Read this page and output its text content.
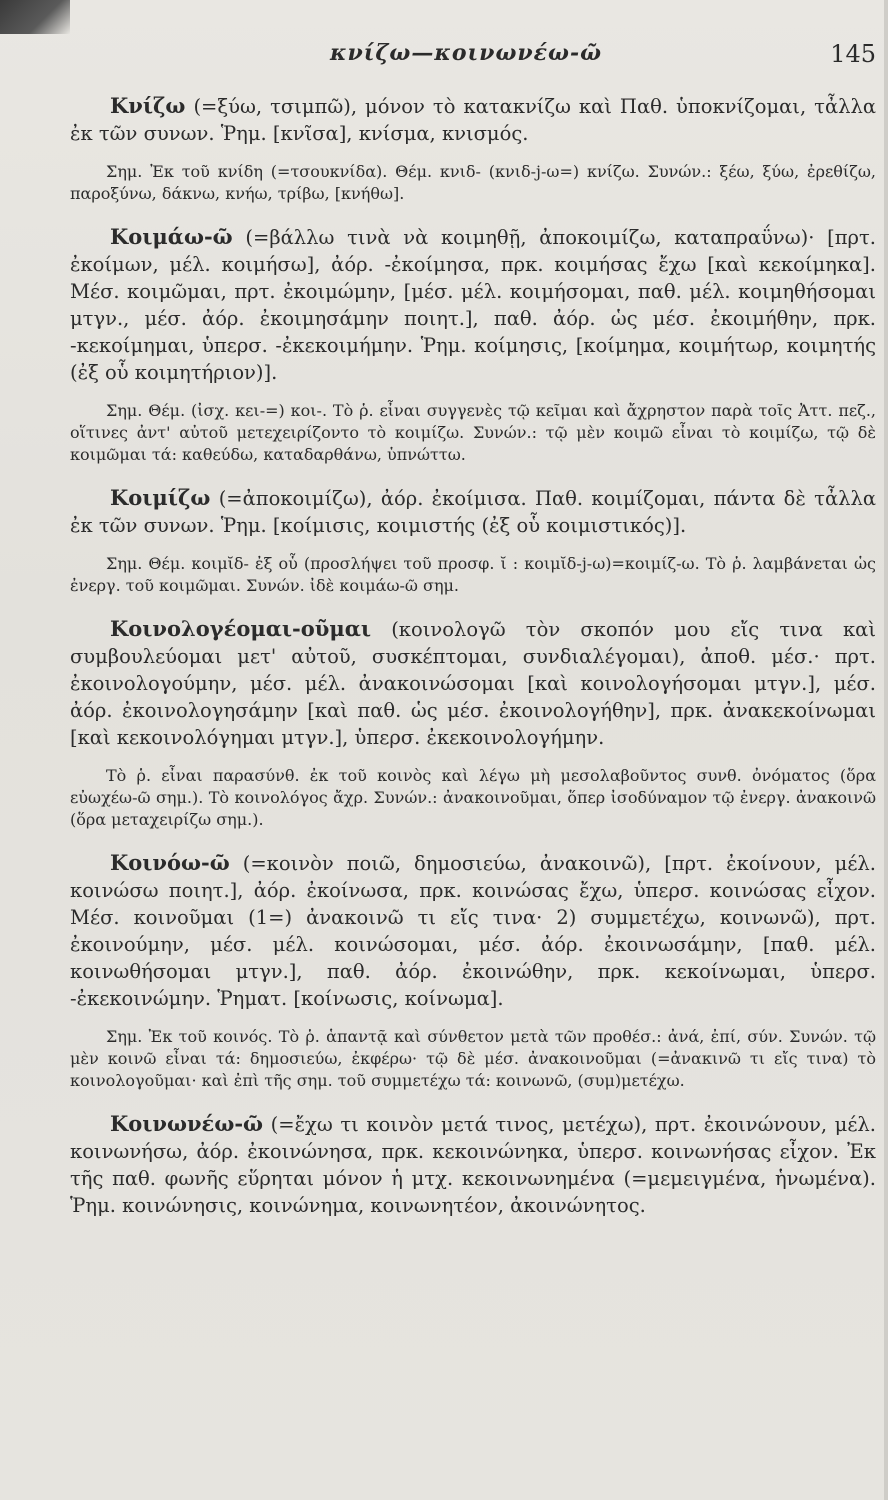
κνίζω—κοινωνέω-ῶ	145

Κνίζω (=ξύω, τσιμπῶ), μόνον τὸ κατακνίζω καὶ Παθ. ὑποκνίζομαι, τἆλλα ἐκ τῶν συνων. Ῥημ. [κνῖσα], κνίσμα, κνισμός.

Σημ. Ἐκ τοῦ κνίδη (=τσουκνίδα). Θέμ. κνιδ- (κνιδ-j-ω=) κνίζω. Συνών.: ξέω, ξύω, ἐρεθίζω, παροξύνω, δάκνω, κνήω, τρίβω, [κνήθω].

Κοιμάω-ῶ (=βάλλω τινὰ νὰ κοιμηθῇ, ἀποκοιμίζω, καταπραΰνω)· [πρτ. ἐκοίμων, μέλ. κοιμήσω], ἀόρ. -ἐκοίμησα, πρκ. κοιμήσας ἔχω [καὶ κεκοίμηκα]. Μέσ. κοιμῶμαι, πρτ. ἐκοιμώμην, [μέσ. μέλ. κοιμήσομαι, παθ. μέλ. κοιμηθήσομαι μτγν., μέσ. ἀόρ. ἐκοιμησάμην ποιητ.], παθ. ἀόρ. ὡς μέσ. ἐκοιμήθην, πρκ. -κεκοίμημαι, ὑπερσ. -ἐκεκοιμήμην. Ῥημ. κοίμησις, [κοίμημα, κοιμήτωρ, κοιμητής (ἐξ οὗ κοιμητήριον)].

Σημ. Θέμ. (ἰσχ. κει-=) κοι-. Τὸ ῥ. εἶναι συγγενὲς τῷ κεῖμαι καὶ ἄχρηστον παρὰ τοῖς Ἀττ. πεζ., οἵτινες ἀντ' αὐτοῦ μετεχειρίζοντο τὸ κοιμίζω. Συνών.: τῷ μὲν κοιμῶ εἶναι τὸ κοιμίζω, τῷ δὲ κοιμῶμαι τά: καθεύδω, καταδαρθάνω, ὑπνώττω.

Κοιμίζω (=ἀποκοιμίζω), ἀόρ. ἐκοίμισα. Παθ. κοιμίζομαι, πάντα δὲ τἆλλα ἐκ τῶν συνων. Ῥημ. [κοίμισις, κοιμιστής (ἐξ οὗ κοιμιστικός)].

Σημ. Θέμ. κοιμῐδ- ἐξ οὗ (προσλήψει τοῦ προσφ. ῐ : κοιμῐδ-j-ω)=κοιμίζ-ω. Τὸ ῥ. λαμβάνεται ὡς ἐνεργ. τοῦ κοιμῶμαι. Συνών. ἰδὲ κοιμάω-ῶ σημ.

Κοινολογέομαι-οῦμαι (κοινολογῶ τὸν σκοπόν μου εἴς τινα καὶ συμβουλεύομαι μετ' αὐτοῦ, συσκέπτομαι, συνδιαλέγομαι), ἀποθ. μέσ.· πρτ. ἐκοινολογούμην, μέσ. μέλ. ἀνακοινώσομαι [καὶ κοινολογήσομαι μτγν.], μέσ. ἀόρ. ἐκοινολογησάμην [καὶ παθ. ὡς μέσ. ἐκοινολογήθην], πρκ. ἀνακεκοίνωμαι [καὶ κεκοινολόγημαι μτγν.], ὑπερσ. ἐκεκοινολογήμην.

Τὸ ῥ. εἶναι παρασύνθ. ἐκ τοῦ κοινὸς καὶ λέγω μὴ μεσολαβοῦντος συνθ. ὀνόματος (ὅρα εὐωχέω-ῶ σημ.). Τὸ κοινολόγος ἄχρ. Συνών.: ἀνακοινοῦμαι, ὅπερ ἰσοδύναμον τῷ ἐνεργ. ἀνακοινῶ (ὅρα μεταχειρίζω σημ.).

Κοινόω-ῶ (=κοινὸν ποιῶ, δημοσιεύω, ἀνακοινῶ), [πρτ. ἐκοίνουν, μέλ. κοινώσω ποιητ.], ἀόρ. ἐκοίνωσα, πρκ. κοινώσας ἔχω, ὑπερσ. κοινώσας εἶχον. Μέσ. κοινοῦμαι (1=) ἀνακοινῶ τι εἴς τινα· 2) συμμετέχω, κοινωνῶ), πρτ. ἐκοινούμην, μέσ. μέλ. κοινώσομαι, μέσ. ἀόρ. ἐκοινωσάμην, [παθ. μέλ. κοινωθήσομαι μτγν.], παθ. ἀόρ. ἐκοινώθην, πρκ. κεκοίνωμαι, ὑπερσ. -ἐκεκοινώμην. Ῥηματ. [κοίνωσις, κοίνωμα].

Σημ. Ἐκ τοῦ κοινός. Τὸ ῥ. ἁπαντᾷ καὶ σύνθετον μετὰ τῶν προθέσ.: ἀνά, ἐπί, σύν. Συνών. τῷ μὲν κοινῶ εἶναι τά: δημοσιεύω, ἐκφέρω· τῷ δὲ μέσ. ἀνακοινοῦμαι (=ἀνακινῶ τι εἴς τινα) τὸ κοινολογοῦμαι· καὶ ἐπὶ τῆς σημ. τοῦ συμμετέχω τά: κοινωνῶ, (συμ)μετέχω.

Κοινωνέω-ῶ (=ἔχω τι κοινὸν μετά τινος, μετέχω), πρτ. ἐκοινώνουν, μέλ. κοινωνήσω, ἀόρ. ἐκοινώνησα, πρκ. κεκοινώνηκα, ὑπερσ. κοινωνήσας εἶχον. Ἐκ τῆς παθ. φωνῆς εὕρηται μόνον ἡ μτχ. κεκοινωνημένα (=μεμειγμένα, ἡνωμένα). Ῥημ. κοινώνησις, κοινώνημα, κοινωνητέον, ἀκοινώνητος.
